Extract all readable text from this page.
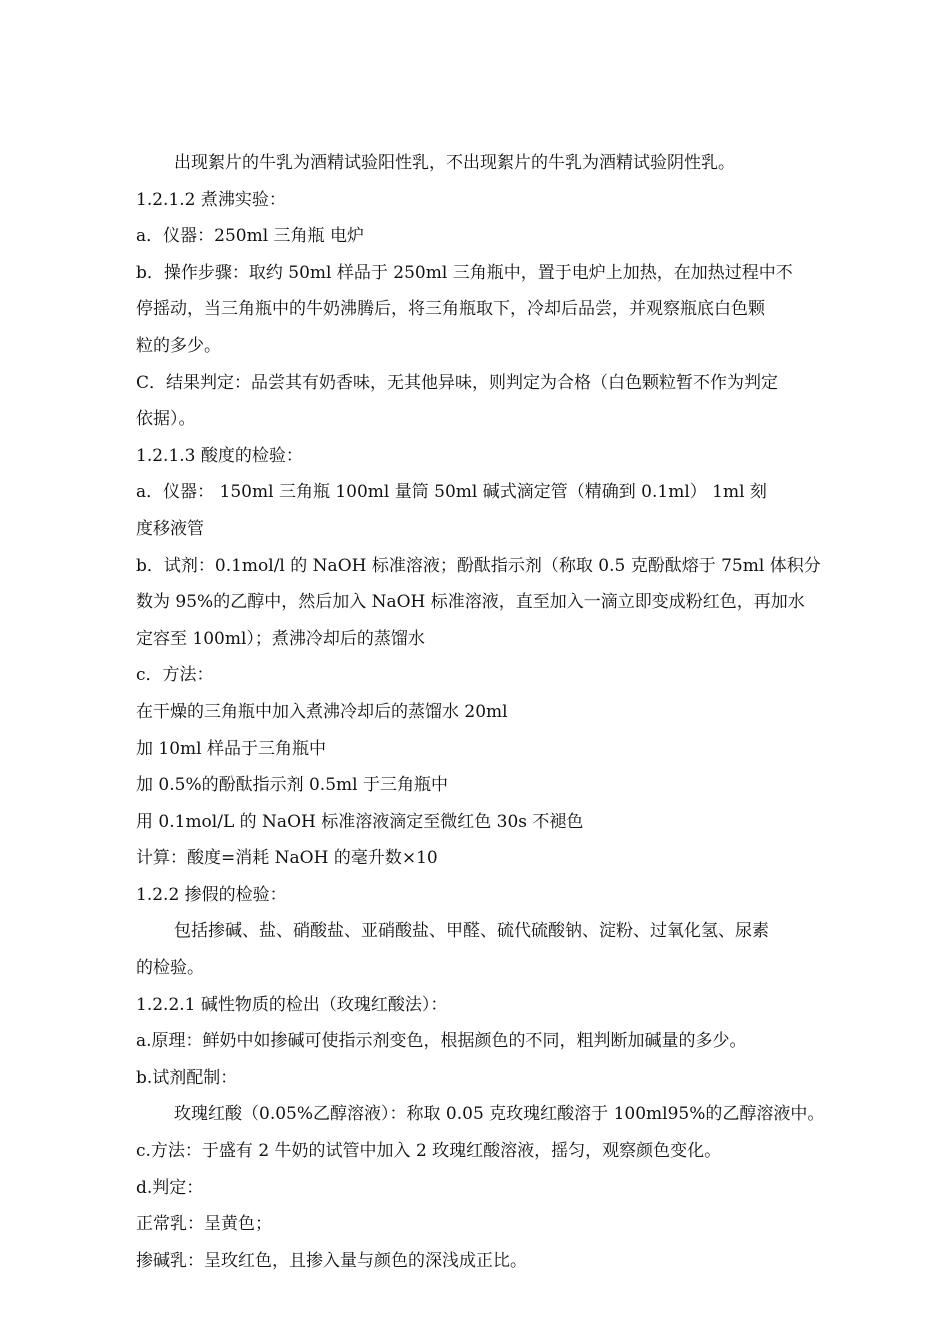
出现絮片的牛乳为酒精试验阳性乳，不出现絮片的牛乳为酒精试验阴性乳。
1.2.1.2 煮沸实验：
a．仪器：250ml 三角瓶 电炉
b．操作步骤：取约 50ml 样品于 250ml 三角瓶中，置于电炉上加热，在加热过程中不
停摇动，当三角瓶中的牛奶沸腾后，将三角瓶取下，冷却后品尝，并观察瓶底白色颗
粒的多少。
C．结果判定：品尝其有奶香味，无其他异味，则判定为合格（白色颗粒暂不作为判定
依据）。
1.2.1.3 酸度的检验：
a．仪器： 150ml 三角瓶 100ml 量筒 50ml 碱式滴定管（精确到 0.1ml） 1ml 刻
度移液管
b．试剂：0.1mol/l 的 NaOH 标准溶液；酚酞指示剂（称取 0.5 克酚酞熔于 75ml 体积分
数为 95%的乙醇中，然后加入 NaOH 标准溶液，直至加入一滴立即变成粉红色，再加水
定容至 100ml）；煮沸冷却后的蒸馏水
c．方法：
在干燥的三角瓶中加入煮沸冷却后的蒸馏水 20ml
加 10ml 样品于三角瓶中
加 0.5%的酚酞指示剂 0.5ml 于三角瓶中
用 0.1mol/L 的 NaOH 标准溶液滴定至微红色 30s 不褪色
计算：酸度=消耗 NaOH 的毫升数×10
1.2.2 掺假的检验：
包括掺碱、盐、硝酸盐、亚硝酸盐、甲醛、硫代硫酸钠、淀粉、过氧化氢、尿素
的检验。
1.2.2.1 碱性物质的检出（玫瑰红酸法）：
a.原理：鲜奶中如掺碱可使指示剂变色，根据颜色的不同，粗判断加碱量的多少。
b.试剂配制：
玫瑰红酸（0.05%乙醇溶液）：称取 0.05 克玫瑰红酸溶于 100ml95%的乙醇溶液中。
c.方法：于盛有 2 牛奶的试管中加入 2 玫瑰红酸溶液，摇匀，观察颜色变化。
d.判定：
正常乳：呈黄色；
掺碱乳：呈玫红色，且掺入量与颜色的深浅成正比。
